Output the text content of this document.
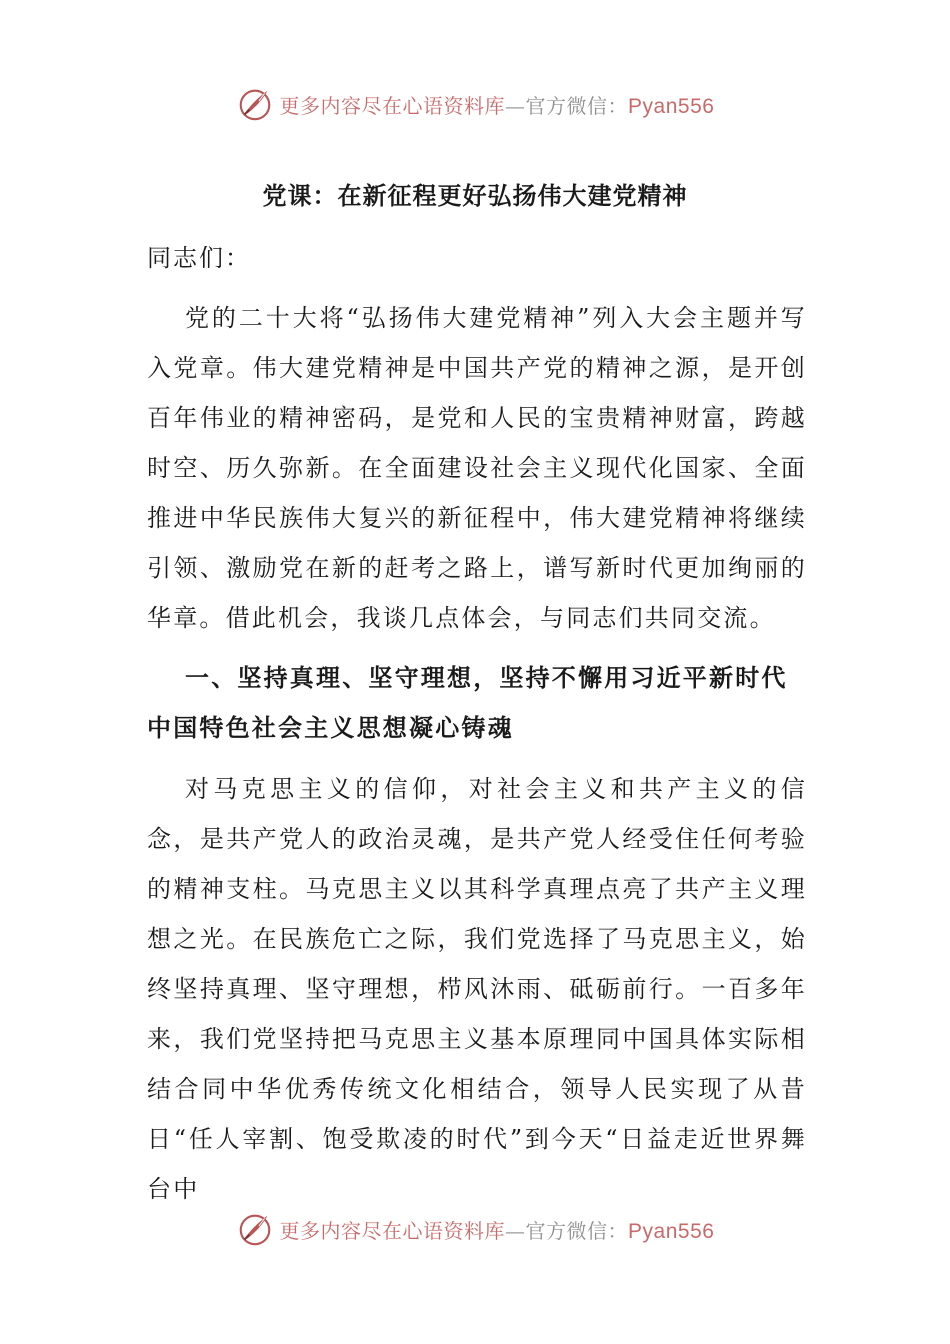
更多内容尽在心语资料库—官方微信：Pyan556
党课：在新征程更好弘扬伟大建党精神
同志们：

党的二十大将“弘扬伟大建党精神”列入大会主题并写入党章。伟大建党精神是中国共产党的精神之源，是开创百年伟业的精神密码，是党和人民的宝贵精神财富，跨越时空、历久弥新。在全面建设社会主义现代化国家、全面推进中华民族伟大复兴的新征程中，伟大建党精神将继续引领、激励党在新的赶考之路上，谱写新时代更加绚丽的华章。借此机会，我谈几点体会，与同志们共同交流。

一、坚持真理、坚守理想，坚持不懈用习近平新时代中国特色社会主义思想凝心铸魂

对马克思主义的信仰，对社会主义和共产主义的信念，是共产党人的政治灵魂，是共产党人经受住任何考验的精神支柱。马克思主义以其科学真理点亮了共产主义理想之光。在民族危亡之际，我们党选择了马克思主义，始终坚持真理、坚守理想，栉风沐雨、砥砺前行。一百多年来，我们党坚持把马克思主义基本原理同中国具体实际相结合同中华优秀传统文化相结合，领导人民实现了从昔日“任人宰割、饱受欺凌的时代”到今天“日益走近世界舞台中

更多内容尽在心语资料库—官方微信：Pyan556
